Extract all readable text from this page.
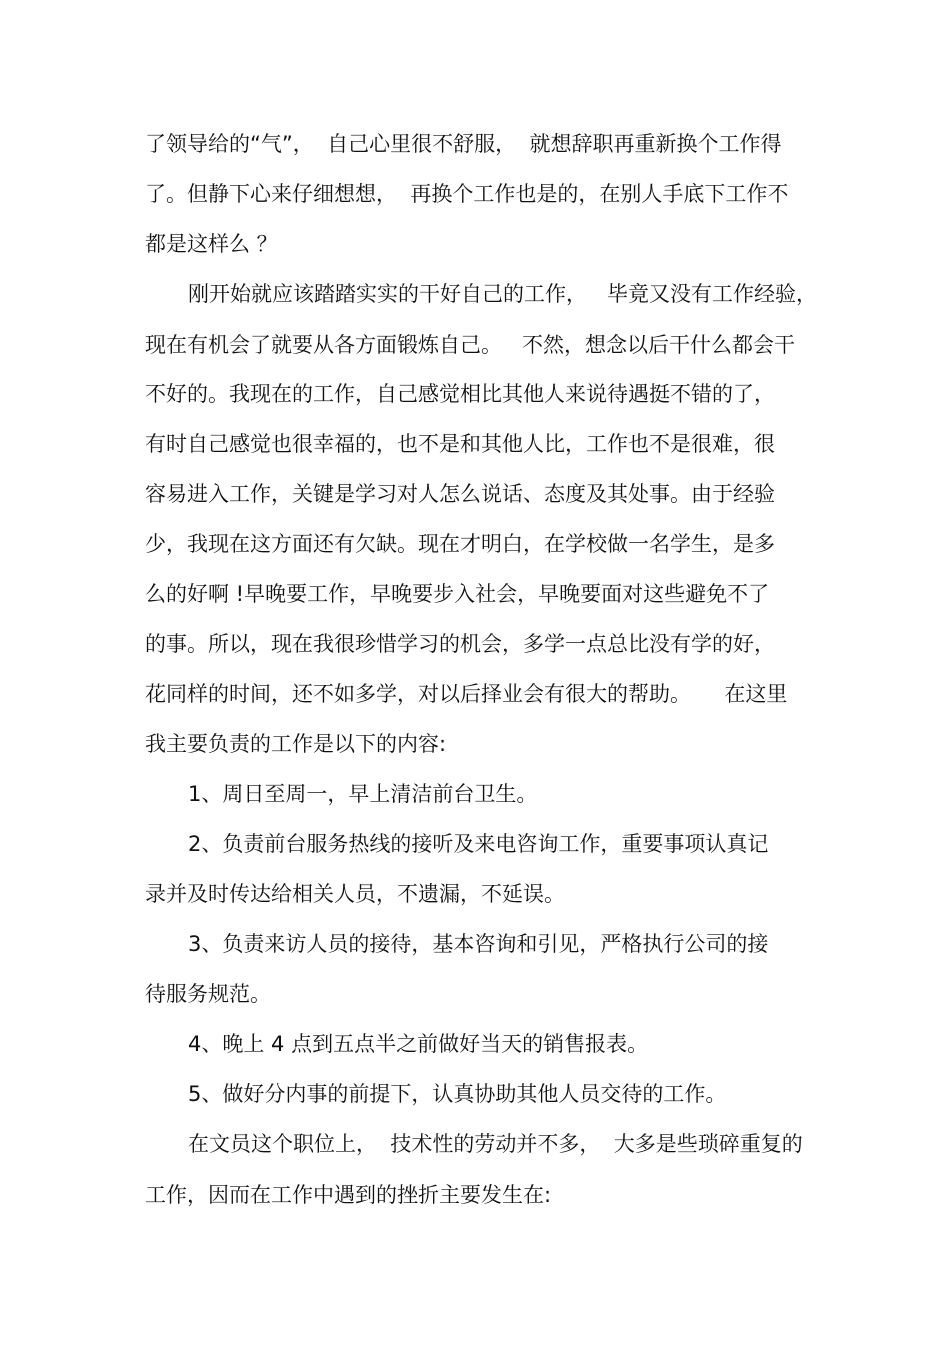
了领导给的“气”，  自己心里很不舒服，  就想辞职再重新换个工作得
了。但静下心来仔细想想，  再换个工作也是的，在别人手底下工作不
都是这样么 ？
刚开始就应该踏踏实实的干好自己的工作，   毕竟又没有工作经验，
现在有机会了就要从各方面锻炼自己。   不然，想念以后干什么都会干
不好的。我现在的工作，自己感觉相比其他人来说待遇挺不错的了，
有时自己感觉也很幸福的，也不是和其他人比，工作也不是很难，很
容易进入工作，关键是学习对人怎么说话、态度及其处事。由于经验
少，我现在这方面还有欠缺。现在才明白，在学校做一名学生，是多
么的好啊 !早晚要工作，早晚要步入社会，早晚要面对这些避免不了
的事。所以，现在我很珍惜学习的机会，多学一点总比没有学的好，
花同样的时间，还不如多学，对以后择业会有很大的帮助。     在这里
我主要负责的工作是以下的内容:
1、周日至周一，早上清洁前台卫生。
2、负责前台服务热线的接听及来电咨询工作，重要事项认真记
录并及时传达给相关人员，不遗漏，不延误。
3、负责来访人员的接待，基本咨询和引见，严格执行公司的接
待服务规范。
4、晚上 4 点到五点半之前做好当天的销售报表。
5、做好分内事的前提下，认真协助其他人员交待的工作。
在文员这个职位上，  技术性的劳动并不多，  大多是些琐碎重复的
工作，因而在工作中遇到的挫折主要发生在:
